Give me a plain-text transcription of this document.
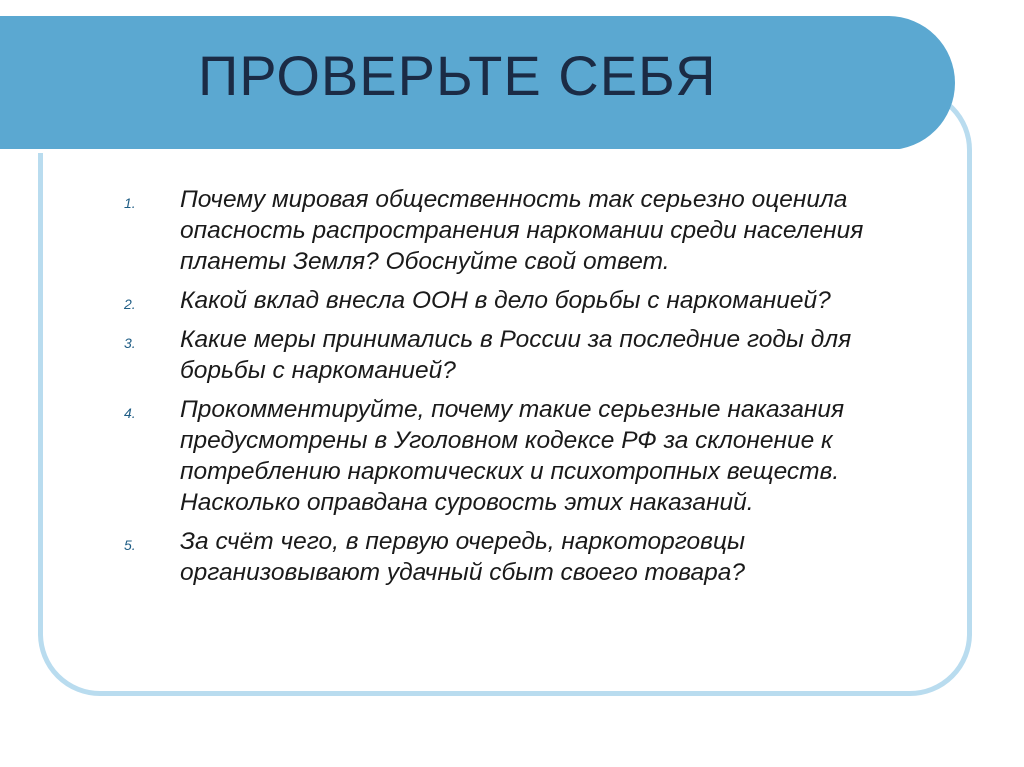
ПРОВЕРЬТЕ СЕБЯ
1. Почему мировая общественность так серьезно оценила
опасность распространения наркомании среди населения
планеты Земля? Обоснуйте свой ответ.
2. Какой вклад внесла ООН в дело борьбы с наркоманией?
3. Какие меры принимались в России за последние годы для
борьбы с наркоманией?
4. Прокомментируйте, почему такие серьезные наказания
предусмотрены в Уголовном кодексе РФ за склонение к
потреблению наркотических и психотропных веществ.
Насколько оправдана суровость этих наказаний.
5. За счёт чего, в первую очередь, наркоторговцы
организовывают удачный сбыт своего товара?
